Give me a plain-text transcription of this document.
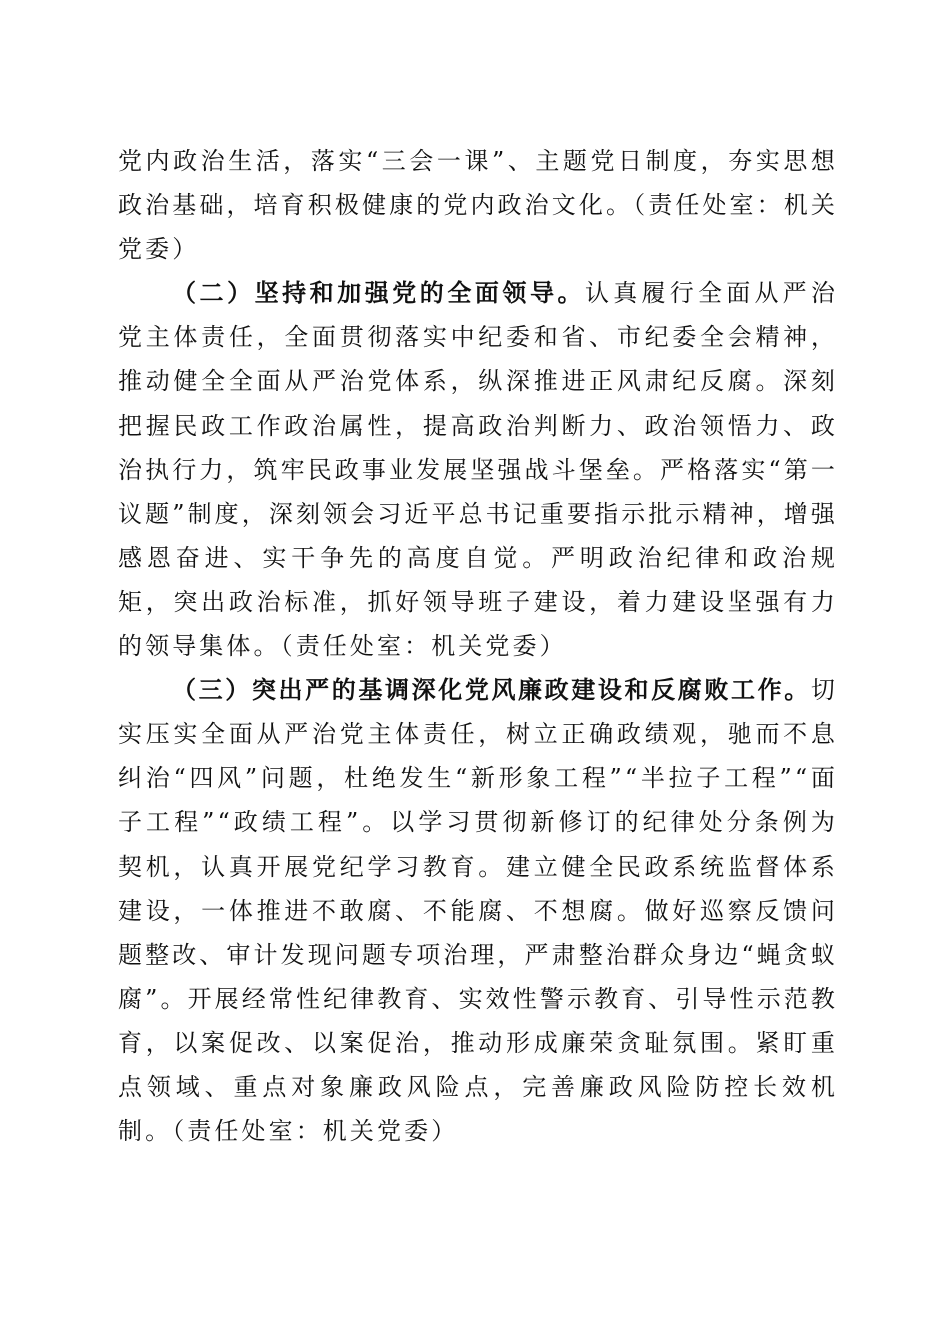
党内政治生活，落实“三会一课”、主题党日制度，夯实思想政治基础，培育积极健康的党内政治文化。（责任处室：机关党委）

（二）坚持和加强党的全面领导。认真履行全面从严治党主体责任，全面贯彻落实中纪委和省、市纪委全会精神，推动健全全面从严治党体系，纵深推进正风肃纪反腐。深刻把握民政工作政治属性，提高政治判断力、政治领悟力、政治执行力，筑牢民政事业发展坚强战斗堡垒。严格落实“第一议题”制度，深刻领会习近平总书记重要指示批示精神，增强感恩奋进、实干争先的高度自觉。严明政治纪律和政治规矩，突出政治标准，抓好领导班子建设，着力建设坚强有力的领导集体。（责任处室：机关党委）

（三）突出严的基调深化党风廉政建设和反腐败工作。切实压实全面从严治党主体责任，树立正确政绩观，驰而不息纠治“四风”问题，杜绝发生“新形象工程”“半拉子工程”“面子工程”“政绩工程”。以学习贯彻新修订的纪律处分条例为契机，认真开展党纪学习教育。建立健全民政系统监督体系建设，一体推进不敢腐、不能腐、不想腐。做好巡察反馈问题整改、审计发现问题专项治理，严肃整治群众身边“蝇贪蚁腐”。开展经常性纪律教育、实效性警示教育、引导性示范教育，以案促改、以案促治，推动形成廉荣贪耻氛围。紧盯重点领域、重点对象廉政风险点，完善廉政风险防控长效机制。（责任处室：机关党委）
